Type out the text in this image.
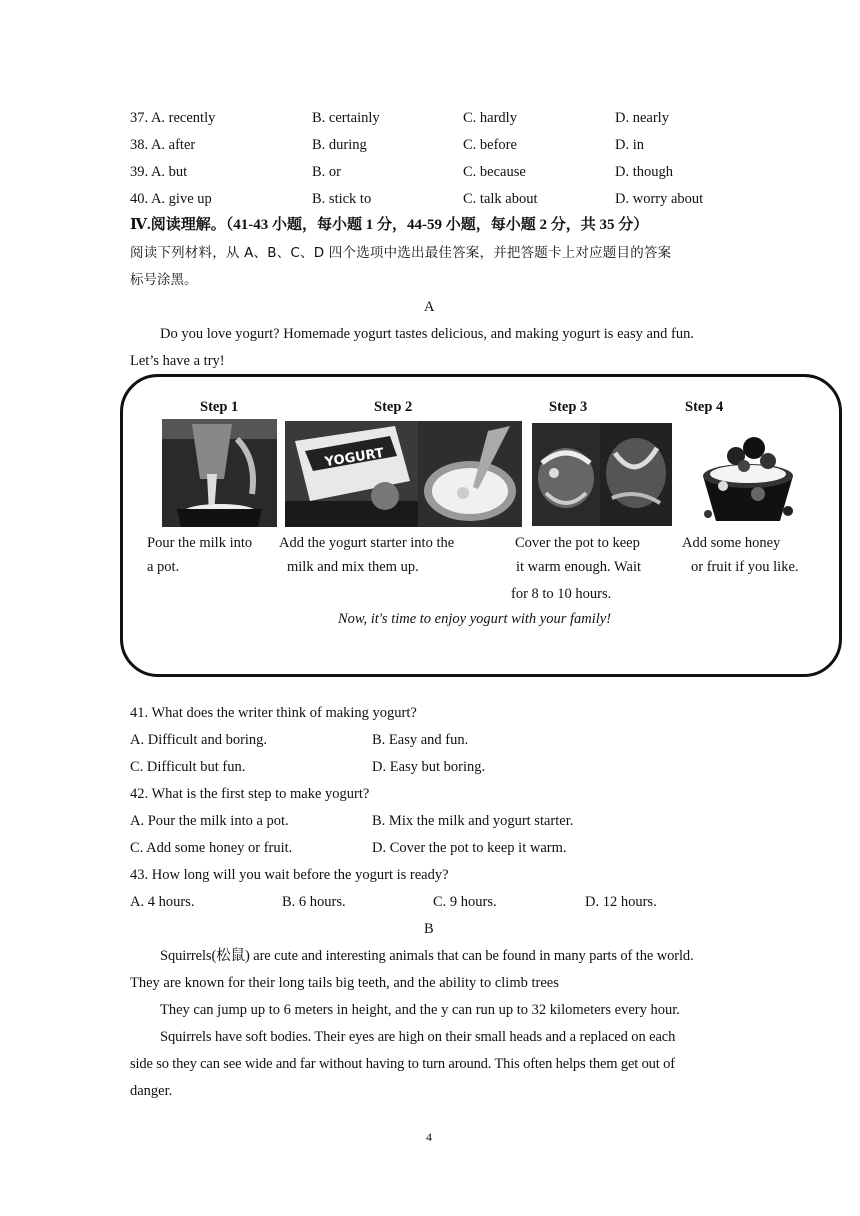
37. A. recently	B. certainly	C. hardly	D. nearly
38. A. after	B. during	C. before	D. in
39. A. but	B. or	C. because	D. though
40. A. give up	B. stick to	C. talk about	D. worry about
Ⅳ.阅读理解。（41-43 小题，每小题 1 分，44-59 小题，每小题 2 分，共 35 分）
阅读下列材料，从 A、B、C、D 四个选项中选出最佳答案，并把答题卡上对应题目的答案
标号涂黑。
A
Do you love yogurt? Homemade yogurt tastes delicious, and making yogurt is easy and fun.
Let’s have a try!
Step 1	Step 2	Step 3	Step 4
YOGURT
Pour the milk into
a pot.
Add the yogurt starter into the
milk and mix them up.
Cover the pot to keep
it warm enough. Wait
for 8 to 10 hours.
Add some honey
or fruit if you like.
Now, it's time to enjoy yogurt with your family!
41. What does the writer think of making yogurt?
A. Difficult and boring.	B. Easy and fun.
C. Difficult but fun.	D. Easy but boring.
42. What is the first step to make yogurt?
A. Pour the milk into a pot.	B. Mix the milk and yogurt starter.
C. Add some honey or fruit.	D. Cover the pot to keep it warm.
43. How long will you wait before the yogurt is ready?
A. 4 hours.	B. 6 hours.	C. 9 hours.	D. 12 hours.
B
Squirrels(松鼠) are cute and interesting animals that can be found in many parts of the world.
They are known for their long tails big teeth, and the ability to climb trees
They can jump up to 6 meters in height, and the y can run up to 32 kilometers every hour.
Squirrels have soft bodies. Their eyes are high on their small heads and a replaced on each
side so they can see wide and far without having to turn around. This often helps them get out of
danger.
4
